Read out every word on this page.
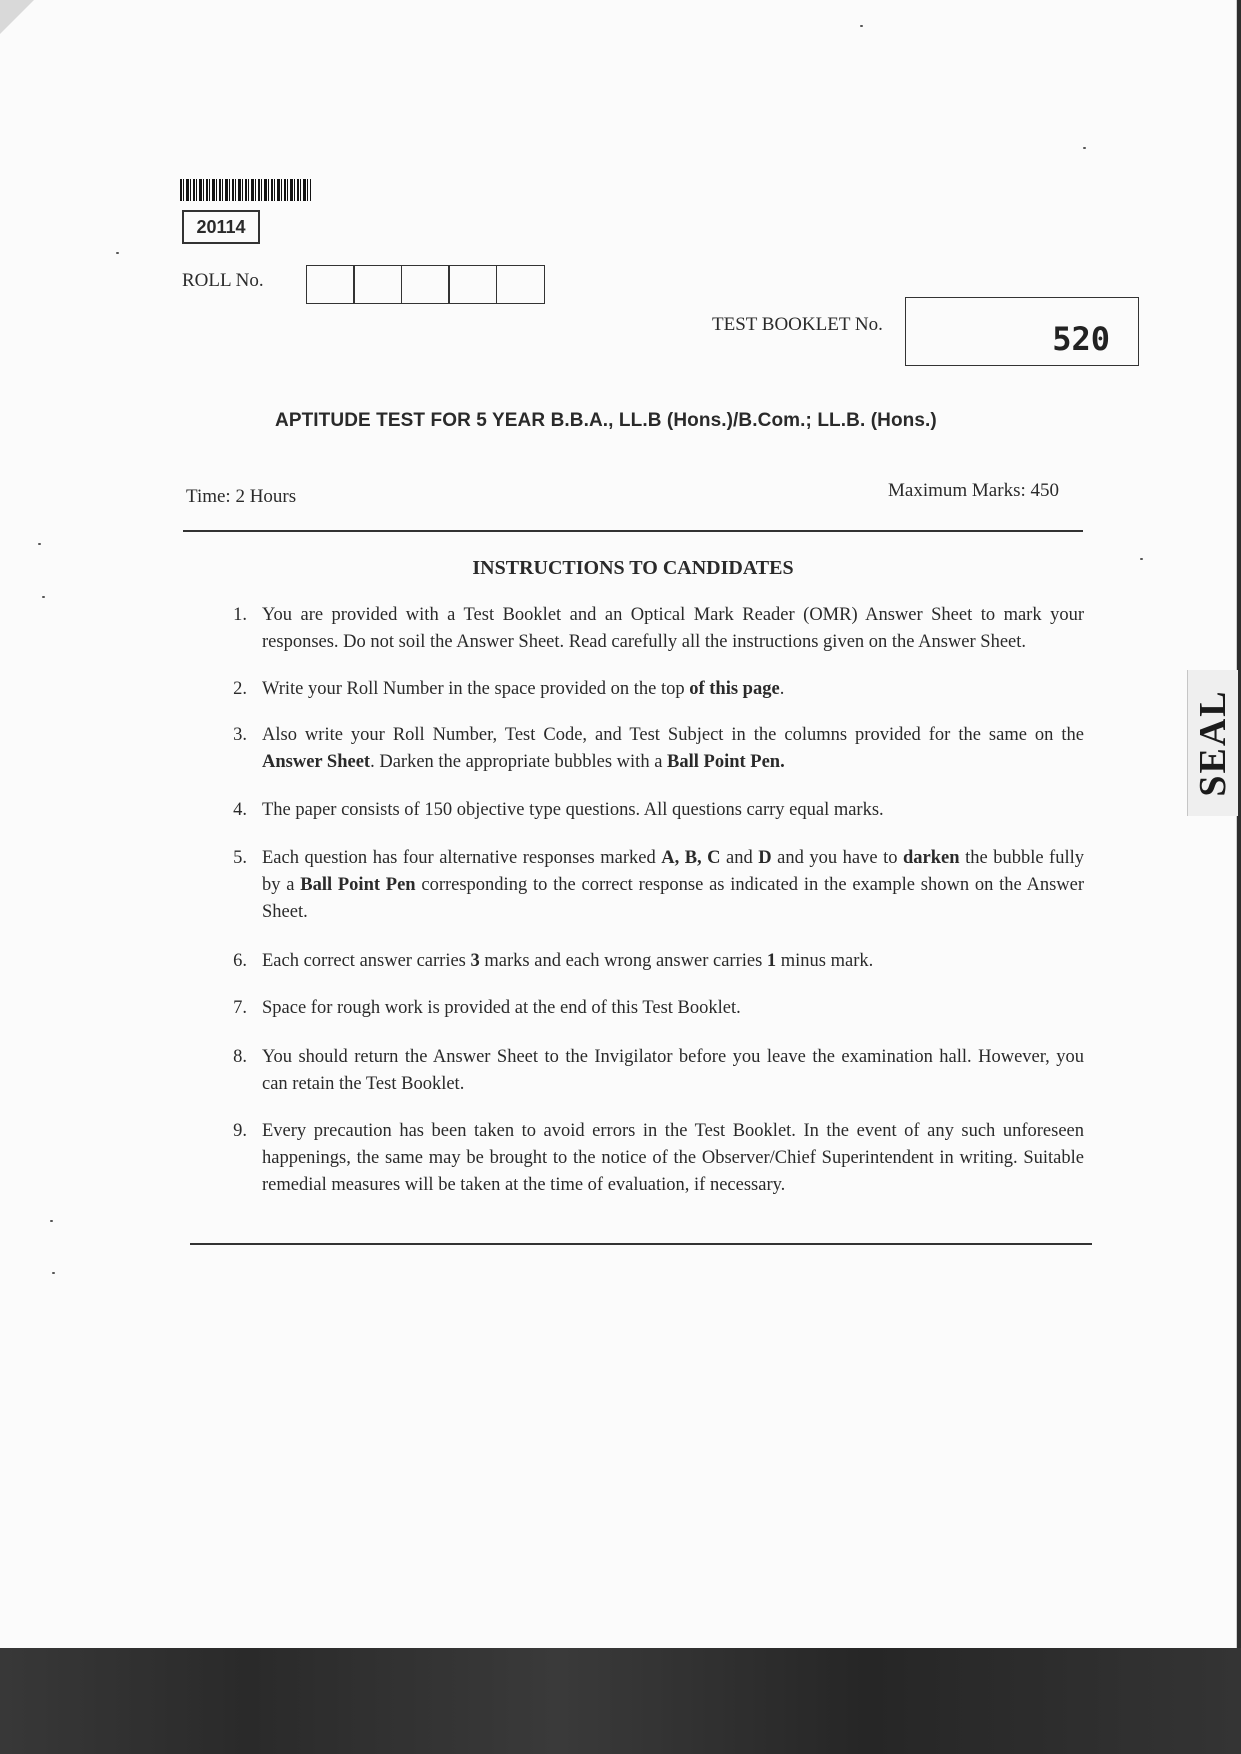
20114
ROLL No.
TEST BOOKLET No.	520
APTITUDE TEST FOR 5 YEAR B.B.A., LL.B (Hons.)/B.Com.; LL.B. (Hons.)
Time: 2 Hours	Maximum Marks: 450
INSTRUCTIONS TO CANDIDATES
1. You are provided with a Test Booklet and an Optical Mark Reader (OMR) Answer Sheet to mark your responses. Do not soil the Answer Sheet. Read carefully all the instructions given on the Answer Sheet.
2. Write your Roll Number in the space provided on the top of this page.
3. Also write your Roll Number, Test Code, and Test Subject in the columns provided for the same on the Answer Sheet. Darken the appropriate bubbles with a Ball Point Pen.
4. The paper consists of 150 objective type questions. All questions carry equal marks.
5. Each question has four alternative responses marked A, B, C and D and you have to darken the bubble fully by a Ball Point Pen corresponding to the correct response as indicated in the example shown on the Answer Sheet.
6. Each correct answer carries 3 marks and each wrong answer carries 1 minus mark.
7. Space for rough work is provided at the end of this Test Booklet.
8. You should return the Answer Sheet to the Invigilator before you leave the examination hall. However, you can retain the Test Booklet.
9. Every precaution has been taken to avoid errors in the Test Booklet. In the event of any such unforeseen happenings, the same may be brought to the notice of the Observer/Chief Superintendent in writing. Suitable remedial measures will be taken at the time of evaluation, if necessary.
SEAL
